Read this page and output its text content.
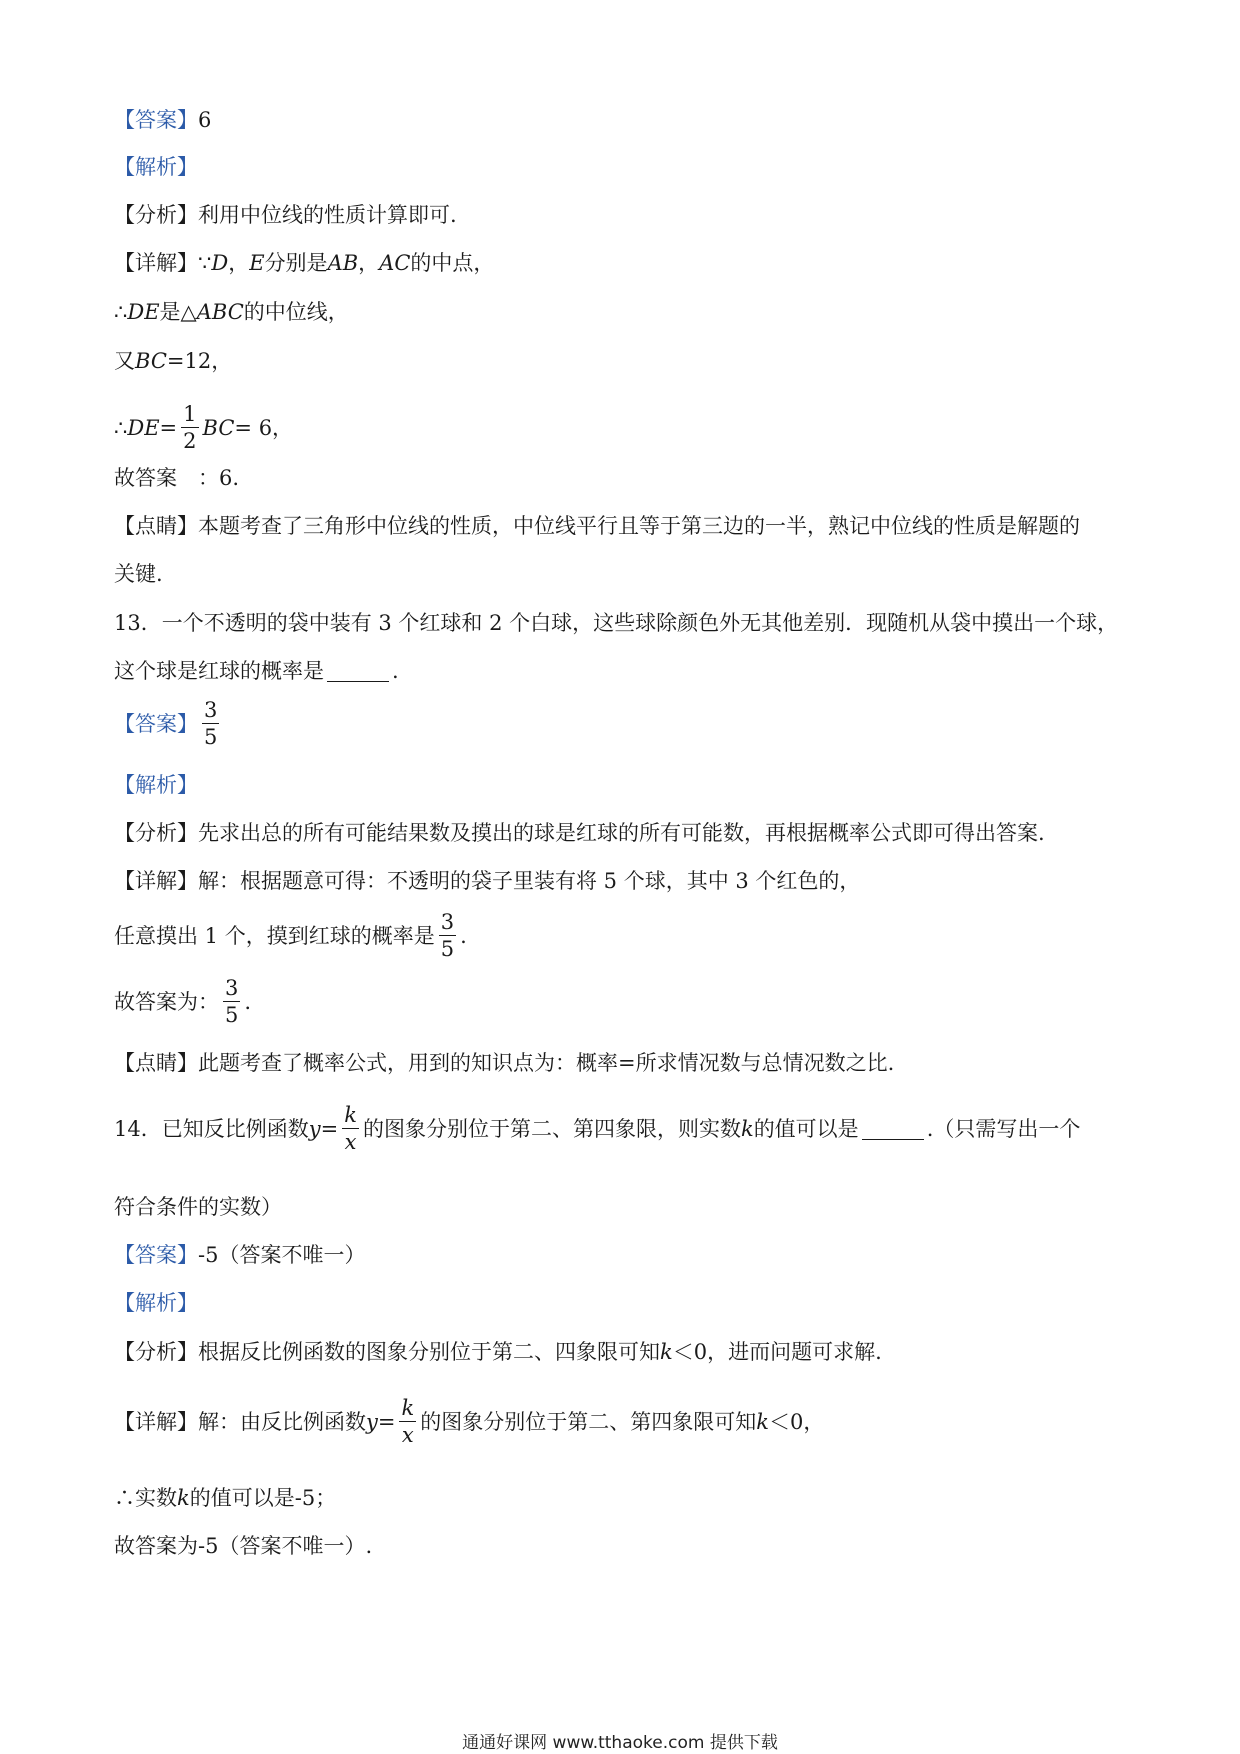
【答案】 6
【解析】
【分析】 利用中位线的性质计算即可.
【详解】 ∵ D ， E 分别是 AB ， AC 的中点，
∴ DE 是△ ABC 的中位线，
又 BC =12，
∴ DE = $\frac{1}{2}$ BC = 6，
故答案　：6.
【点睛】 本题考查了三角形中位线的性质，中位线平行且等于第三边的一半，熟记中位线的性质是解题的
关键.
13．一个不透明的袋中装有 3 个红球和 2 个白球，这些球除颜色外无其他差别．现随机从袋中摸出一个球，
这个球是红球的概率是	.
【答案】 $\frac{3}{5}$
【解析】
【分析】 先求出总的所有可能结果数及摸出的球是红球的所有可能数，再根据概率公式即可得出答案.
【详解】 解：根据题意可得：不透明的袋子里装有将 5 个球，其中 3 个红色的，
任意摸出 1 个，摸到红球的概率是 $\frac{3}{5}$ .
故答案为： $\frac{3}{5}$ .
【点睛】 此题考查了概率公式，用到的知识点为：概率=所求情况数与总情况数之比.
14．已知反比例函数 $y = \frac{k}{x}$ 的图象分别位于第二、第四象限，则实数 k 的值可以是	.（只需写出一个
符合条件的实数）
【答案】 -5（答案不唯一）
【解析】
【分析】 根据反比例函数的图象分别位于第二、四象限可知 k ＜0，进而问题可求解.
【详解】 解：由反比例函数 $y = \frac{k}{x}$ 的图象分别位于第二、第四象限可知 k ＜0，
∴实数 k 的值可以是-5；
故答案为-5（答案不唯一）.
通通好课网 www.tthaoke.com 提供下载
